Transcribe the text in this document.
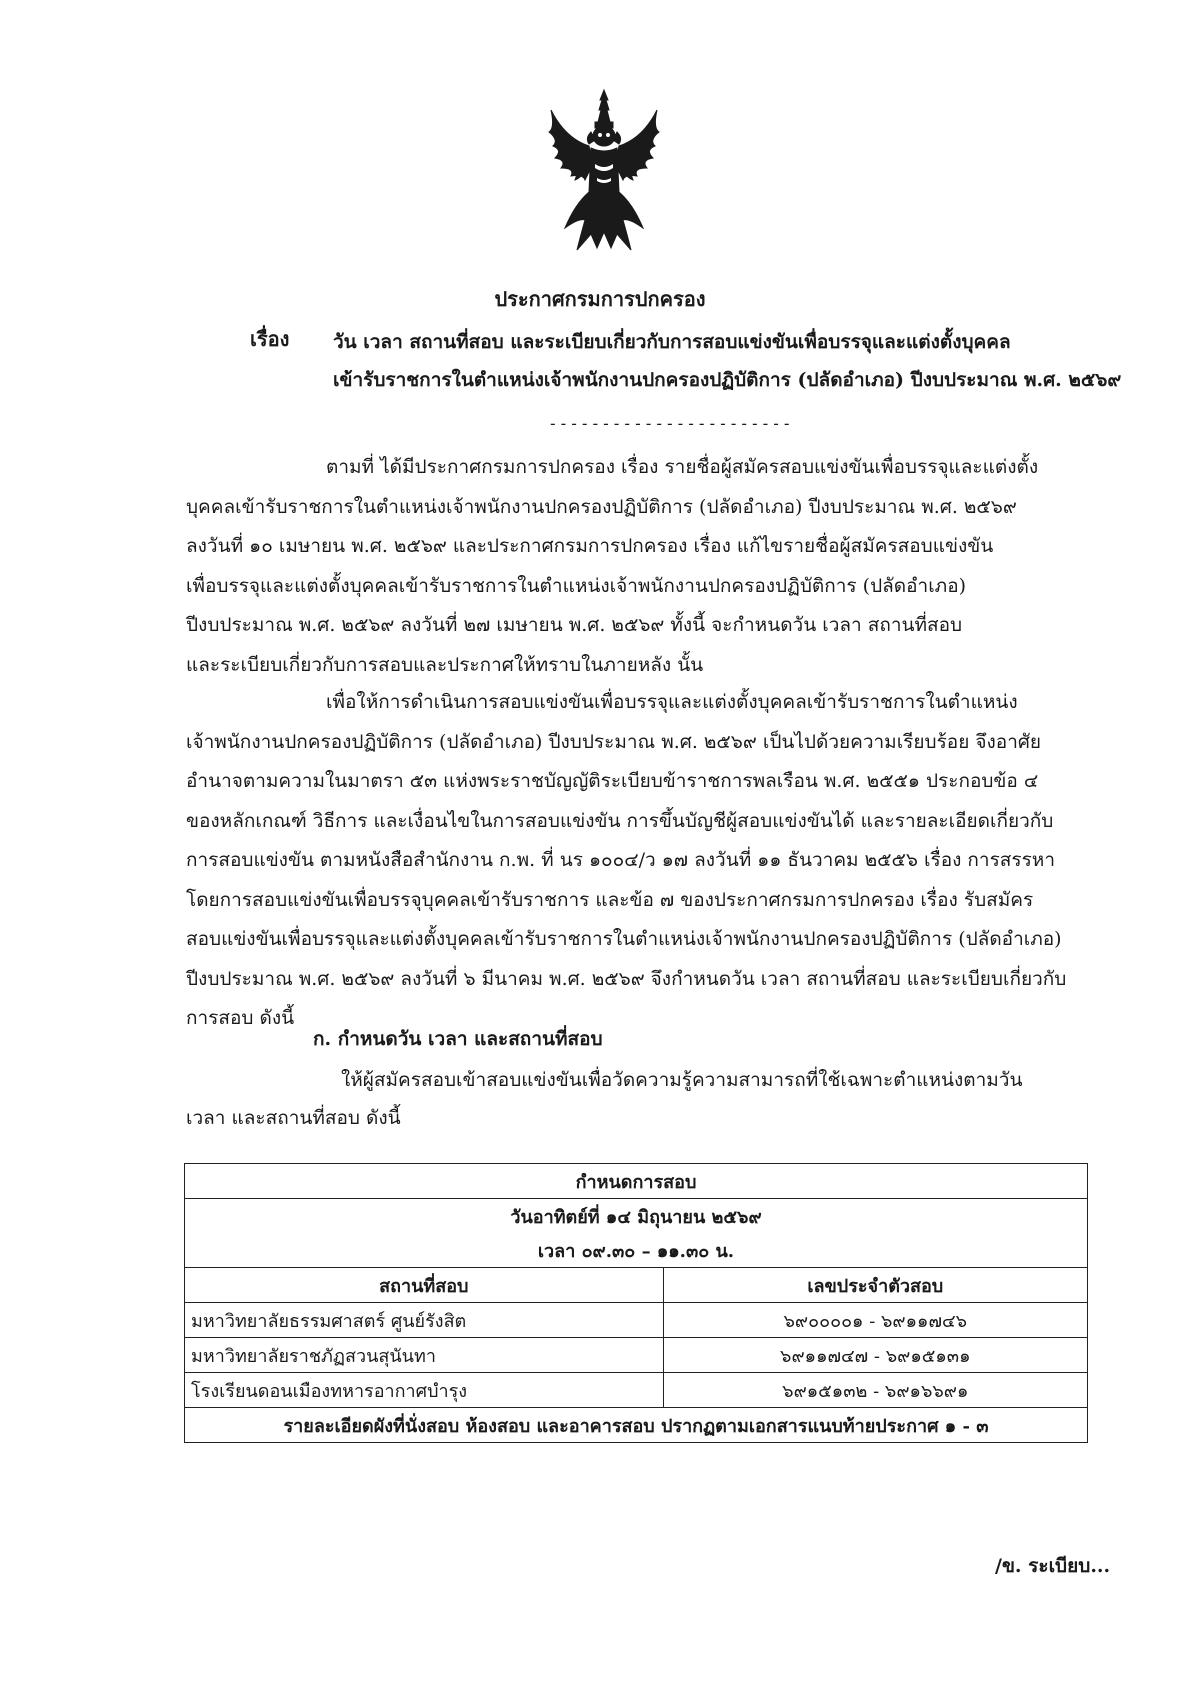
ประกาศกรมการปกครอง
เรื่อง วัน เวลา สถานที่สอบ และระเบียบเกี่ยวกับการสอบแข่งขันเพื่อบรรจุและแต่งตั้งบุคคล
เข้ารับราชการในตำแหน่งเจ้าพนักงานปกครองปฏิบัติการ (ปลัดอำเภอ) ปีงบประมาณ พ.ศ. ๒๕๖๙
-----------------------
ตามที่ ได้มีประกาศกรมการปกครอง เรื่อง รายชื่อผู้สมัครสอบแข่งขันเพื่อบรรจุและแต่งตั้ง
บุคคลเข้ารับราชการในตำแหน่งเจ้าพนักงานปกครองปฏิบัติการ (ปลัดอำเภอ) ปีงบประมาณ พ.ศ. ๒๕๖๙
ลงวันที่ ๑๐ เมษายน พ.ศ. ๒๕๖๙ และประกาศกรมการปกครอง เรื่อง แก้ไขรายชื่อผู้สมัครสอบแข่งขัน
เพื่อบรรจุและแต่งตั้งบุคคลเข้ารับราชการในตำแหน่งเจ้าพนักงานปกครองปฏิบัติการ (ปลัดอำเภอ)
ปีงบประมาณ พ.ศ. ๒๕๖๙ ลงวันที่ ๒๗ เมษายน พ.ศ. ๒๕๖๙ ทั้งนี้ จะกำหนดวัน เวลา สถานที่สอบ
และระเบียบเกี่ยวกับการสอบและประกาศให้ทราบในภายหลัง นั้น
เพื่อให้การดำเนินการสอบแข่งขันเพื่อบรรจุและแต่งตั้งบุคคลเข้ารับราชการในตำแหน่ง
เจ้าพนักงานปกครองปฏิบัติการ (ปลัดอำเภอ) ปีงบประมาณ พ.ศ. ๒๕๖๙ เป็นไปด้วยความเรียบร้อย จึงอาศัย
อำนาจตามความในมาตรา ๕๓ แห่งพระราชบัญญัติระเบียบข้าราชการพลเรือน พ.ศ. ๒๕๕๑ ประกอบข้อ ๔
ของหลักเกณฑ์ วิธีการ และเงื่อนไขในการสอบแข่งขัน การขึ้นบัญชีผู้สอบแข่งขันได้ และรายละเอียดเกี่ยวกับ
การสอบแข่งขัน ตามหนังสือสำนักงาน ก.พ. ที่ นร ๑๐๐๔/ว ๑๗ ลงวันที่ ๑๑ ธันวาคม ๒๕๕๖ เรื่อง การสรรหา
โดยการสอบแข่งขันเพื่อบรรจุบุคคลเข้ารับราชการ และข้อ ๗ ของประกาศกรมการปกครอง เรื่อง รับสมัคร
สอบแข่งขันเพื่อบรรจุและแต่งตั้งบุคคลเข้ารับราชการในตำแหน่งเจ้าพนักงานปกครองปฏิบัติการ (ปลัดอำเภอ)
ปีงบประมาณ พ.ศ. ๒๕๖๙ ลงวันที่ ๖ มีนาคม พ.ศ. ๒๕๖๙ จึงกำหนดวัน เวลา สถานที่สอบ และระเบียบเกี่ยวกับ
การสอบ ดังนี้
ก. กำหนดวัน เวลา และสถานที่สอบ
ให้ผู้สมัครสอบเข้าสอบแข่งขันเพื่อวัดความรู้ความสามารถที่ใช้เฉพาะตำแหน่งตามวัน
เวลา และสถานที่สอบ ดังนี้
กำหนดการสอบ	
วันอาทิตย์ที่ ๑๔ มิถุนายน ๒๕๖๙	
เวลา ๐๙.๓๐ – ๑๑.๓๐ น.	
สถานที่สอบ	เลขประจำตัวสอบ
มหาวิทยาลัยธรรมศาสตร์ ศูนย์รังสิต	๖๙๐๐๐๐๑ - ๖๙๑๑๗๔๖
มหาวิทยาลัยราชภัฏสวนสุนันทา	๖๙๑๑๗๔๗ - ๖๙๑๕๑๓๑
โรงเรียนดอนเมืองทหารอากาศบำรุง	๖๙๑๕๑๓๒ - ๖๙๑๖๖๙๑
รายละเอียดผังที่นั่งสอบ ห้องสอบ และอาคารสอบ ปรากฏตามเอกสารแนบท้ายประกาศ ๑ - ๓	
/ข. ระเบียบ...
